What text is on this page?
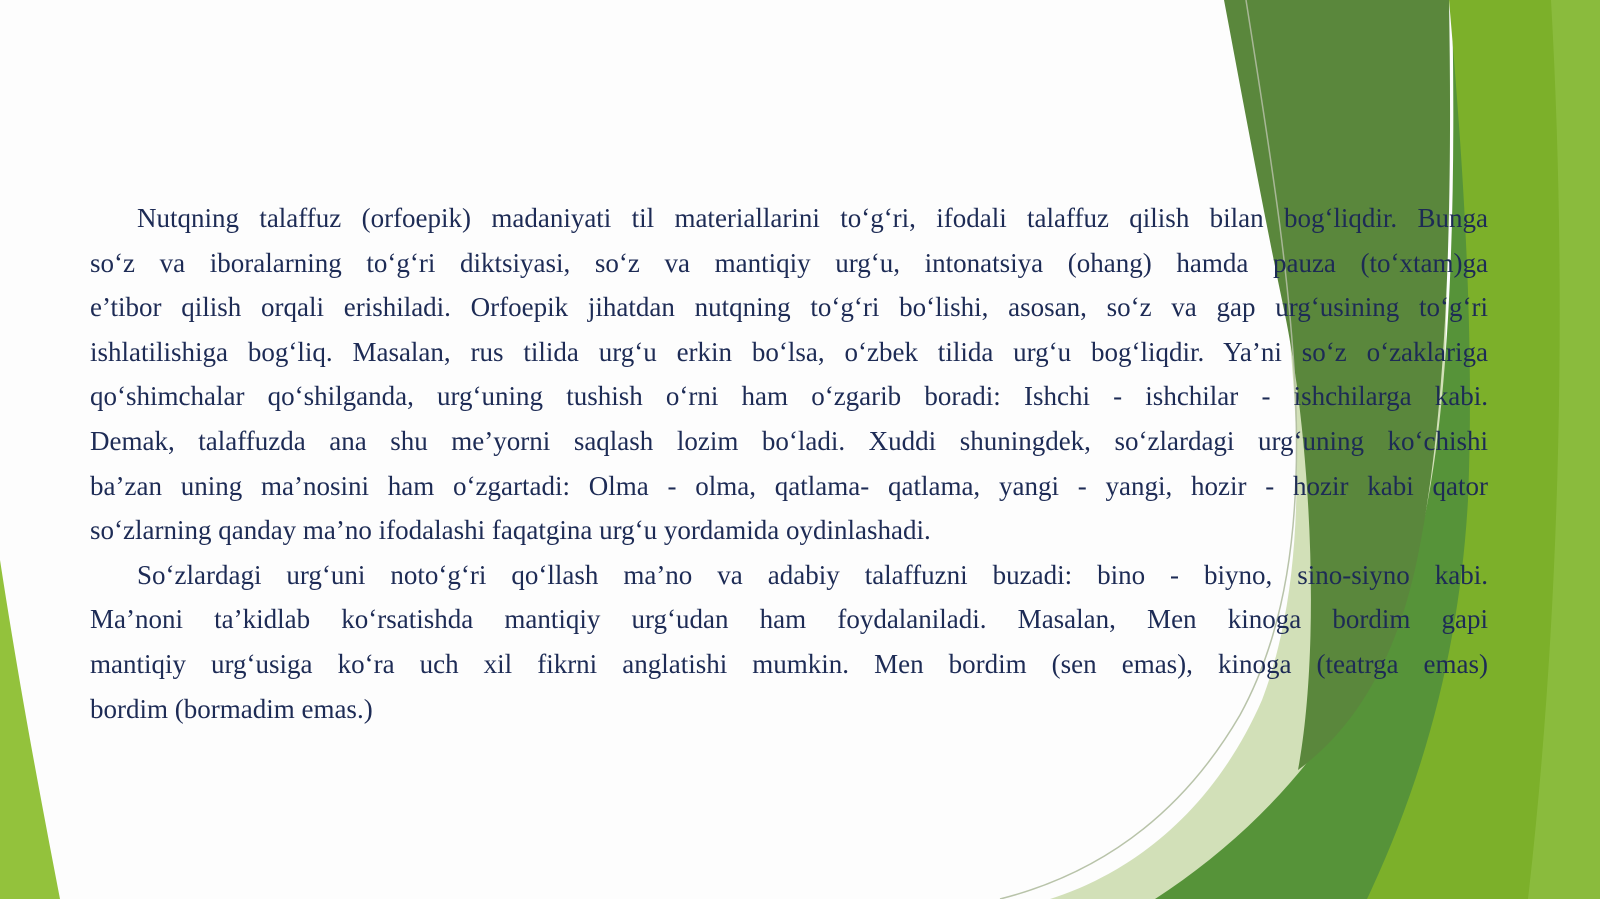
Nutqning talaffuz (orfoepik) madaniyati til materiallarini to‘g‘ri, ifodali talaffuz qilish bilan bog‘liqdir. Bunga
so‘z va iboralarning to‘g‘ri diktsiyasi, so‘z va mantiqiy urg‘u, intonatsiya (ohang) hamda pauza (to‘xtam)ga
e’tibor qilish orqali erishiladi. Orfoepik jihatdan nutqning to‘g‘ri bo‘lishi, asosan, so‘z va gap urg‘usining to‘g‘ri
ishlatilishiga bog‘liq. Masalan, rus tilida urg‘u erkin bo‘lsa, o‘zbek tilida urg‘u bog‘liqdir. Ya’ni so‘z o‘zaklariga
qo‘shimchalar qo‘shilganda, urg‘uning tushish o‘rni ham o‘zgarib boradi: Ishchi - ishchilar - ishchilarga kabi.
Demak, talaffuzda ana shu me’yorni saqlash lozim bo‘ladi. Xuddi shuningdek, so‘zlardagi urg‘uning ko‘chishi
ba’zan uning ma’nosini ham o‘zgartadi: Olma - olma, qatlama- qatlama, yangi - yangi, hozir - hozir kabi qator
so‘zlarning qanday ma’no ifodalashi faqatgina urg‘u yordamida oydinlashadi.
So‘zlardagi urg‘uni noto‘g‘ri qo‘llash ma’no va adabiy talaffuzni buzadi: bino - biyno, sino-siyno kabi.
Ma’noni ta’kidlab ko‘rsatishda mantiqiy urg‘udan ham foydalaniladi. Masalan, Men kinoga bordim gapi
mantiqiy urg‘usiga ko‘ra uch xil fikrni anglatishi mumkin. Men bordim (sen emas), kinoga (teatrga emas)
bordim (bormadim emas.)
